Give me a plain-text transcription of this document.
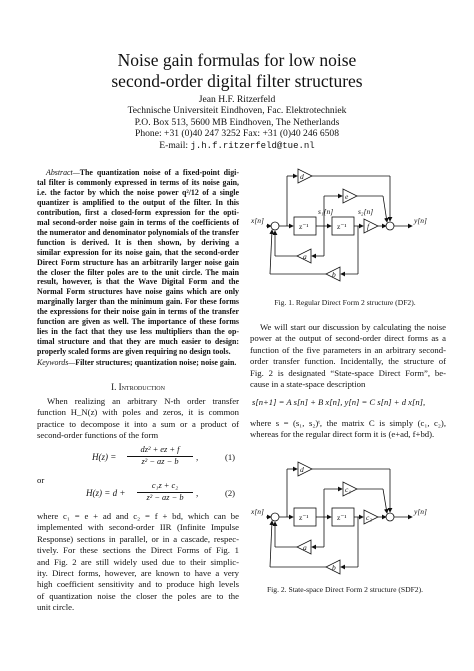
Noise gain formulas for low noise
second-order digital filter structures
Jean H.F. Ritzerfeld
Technische Universiteit Eindhoven, Fac. Elektrotechniek
P.O. Box 513, 5600 MB Eindhoven, The Netherlands
Phone: +31 (0)40 247 3252 Fax: +31 (0)40 246 6508
E-mail: j.h.f.ritzerfeld@tue.nl
Abstract—The quantization noise of a fixed-point digi-
tal filter is commonly expressed in terms of its noise gain,
i.e. the factor by which the noise power q²/12 of a single
quantizer is amplified to the output of the filter. In this
contribution, first a closed-form expression for the opti-
mal second-order noise gain in terms of the coefficients of
the numerator and denominator polynomials of the transfer
function is derived. It is then shown, by deriving a
similar expression for its noise gain, that the second-order
Direct Form structure has an arbitrarily larger noise gain
the closer the filter poles are to the unit circle. The main
result, however, is that the Wave Digital Form and the
Normal Form structures have noise gains which are only
marginally larger than the minimum gain. For these forms
the expressions for their noise gain in terms of the transfer
function are given as well. The importance of these forms
lies in the fact that they use less multipliers than the op-
timal structure and that they are much easier to design:
properly scaled forms are given requiring no design tools.
Keywords—Filter structures; quantization noise; noise gain.
I. Introduction
When realizing an arbitrary N-th order transfer
function H_N(z) with poles and zeros, it is common
practice to decompose it into a sum or a product of
second-order functions of the form
H(z) =
dz² + ez + f
z² − az − b	,	(1)
or
H(z) = d +
c₁z + c₂
z² − az − b	,	(2)
where c₁ = e + ad and c₂ = f + bd, which can be
implemented with second-order IIR (Infinite Impulse
Response) sections in parallel, or in a cascade, respec-
tively. For these sections the Direct Forms of Fig. 1
and Fig. 2 are still widely used due to their simplic-
ity. Direct forms, however, are known to have a very
high coefficient sensitivity and to produce high levels
of quantization noise the closer the poles are to the
unit circle.
x[n]	y[n]
s₁[n]	s₂[n]
z⁻¹	z⁻¹
d
e
f
a
b
Fig. 1. Regular Direct Form 2 structure (DF2).
We will start our discussion by calculating the noise
power at the output of second-order direct forms as a
function of the five parameters in an arbitrary second-
order transfer function. Incidentally, the structure of
Fig. 2 is designated “State-space Direct Form”, be-
cause in a state-space description
s[n+1] = A s[n] + B x[n], y[n] = C s[n] + d x[n],
where s = (s₁, s₂)ᵗ, the matrix C is simply (c₁, c₂),
whereas for the regular direct form it is (e+ad, f+bd).
x[n]	y[n]
z⁻¹	z⁻¹
d
c₁
c₂
a
b
Fig. 2. State-space Direct Form 2 structure (SDF2).
